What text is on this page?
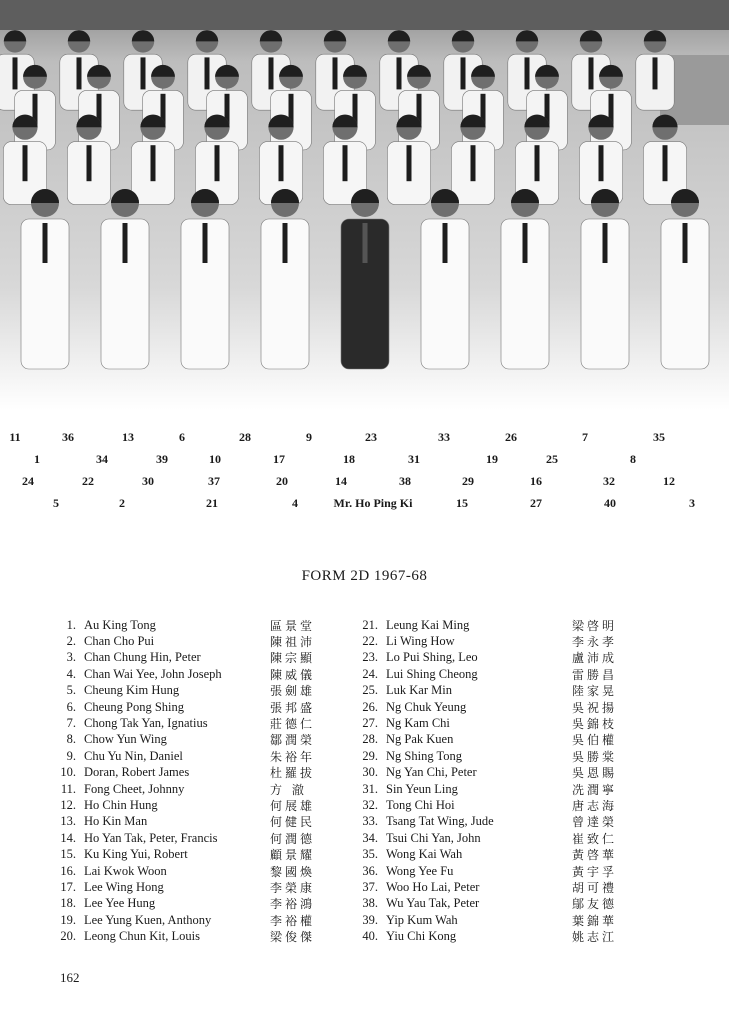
11	36	13	6	28	9	23	33	26	7	35
1	34	39	10	17	18	31	19	25	8
24	22	30	37	20	14	38	29	16	32	12
5	2	21	4	Mr. Ho Ping Ki	15	27	40	3
FORM 2D 1967-68
1. Au King Tong	區景堂
2. Chan Cho Pui	陳祖沛
3. Chan Chung Hin, Peter	陳宗顯
4. Chan Wai Yee, John Joseph	陳威儀
5. Cheung Kim Hung	張劍雄
6. Cheung Pong Shing	張邦盛
7. Chong Tak Yan, Ignatius	莊德仁
8. Chow Yun Wing	鄒潤榮
9. Chu Yu Nin, Daniel	朱裕年
10. Doran, Robert James	杜羅拔
11. Fong Cheet, Johnny	方 澈
12. Ho Chin Hung	何展雄
13. Ho Kin Man	何健民
14. Ho Yan Tak, Peter, Francis	何潤德
15. Ku King Yui, Robert	顧景耀
16. Lai Kwok Woon	黎國煥
17. Lee Wing Hong	李榮康
18. Lee Yee Hung	李裕鴻
19. Lee Yung Kuen, Anthony	李裕權
20. Leong Chun Kit, Louis	梁俊傑
21. Leung Kai Ming	梁啓明
22. Li Wing How	李永孝
23. Lo Pui Shing, Leo	盧沛成
24. Lui Shing Cheong	雷勝昌
25. Luk Kar Min	陸家晃
26. Ng Chuk Yeung	吳祝揚
27. Ng Kam Chi	吳錦枝
28. Ng Pak Kuen	吳伯權
29. Ng Shing Tong	吳勝棠
30. Ng Yan Chi, Peter	吳恩賜
31. Sin Yeun Ling	冼潤寧
32. Tong Chi Hoi	唐志海
33. Tsang Tat Wing, Jude	曾達榮
34. Tsui Chi Yan, John	崔致仁
35. Wong Kai Wah	黃啓華
36. Wong Yee Fu	黃宇孚
37. Woo Ho Lai, Peter	胡可禮
38. Wu Yau Tak, Peter	鄔友德
39. Yip Kum Wah	葉錦華
40. Yiu Chi Kong	姚志江
162
